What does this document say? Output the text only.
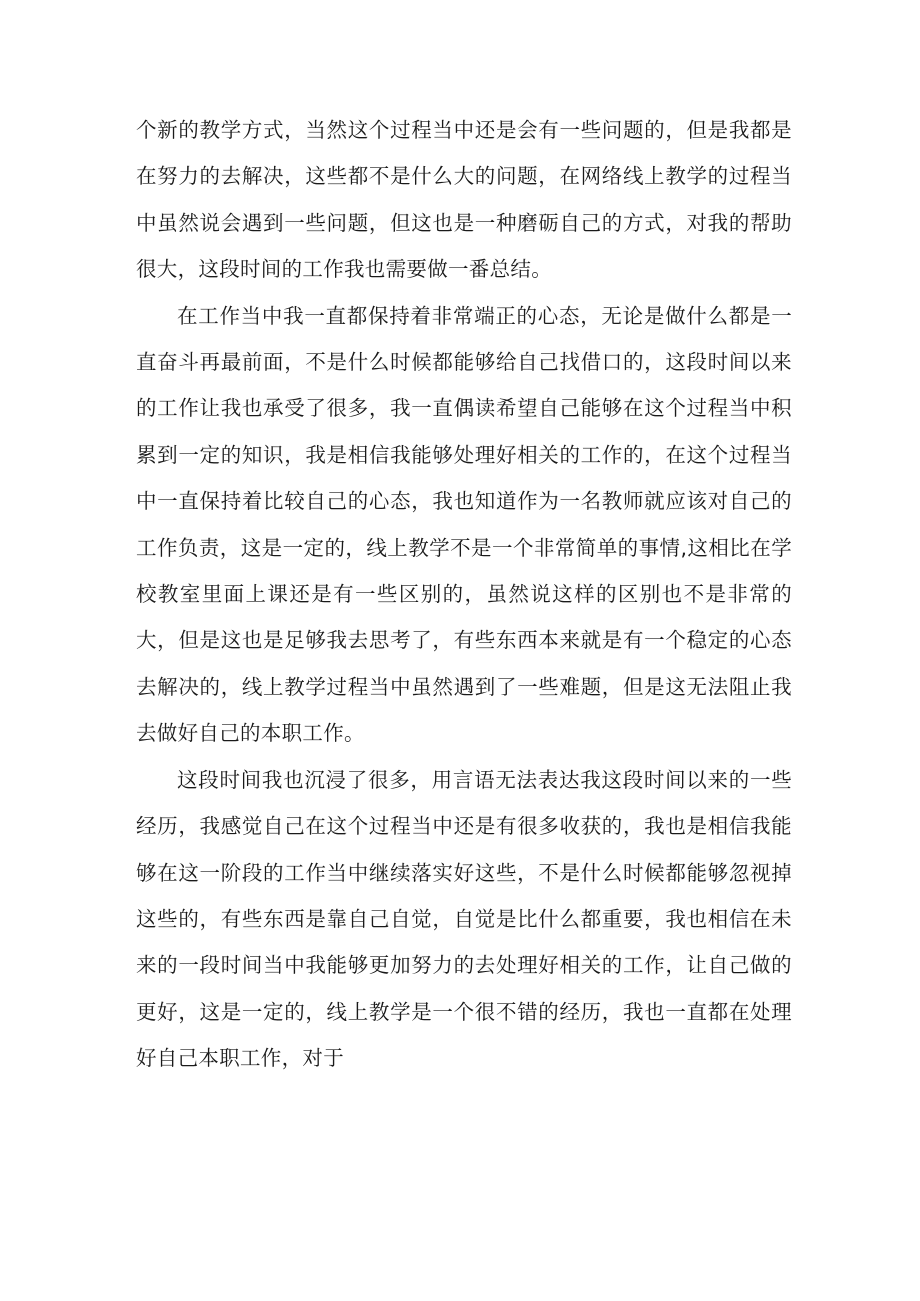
个新的教学方式，当然这个过程当中还是会有一些问题的，但是我都是在努力的去解决，这些都不是什么大的问题，在网络线上教学的过程当中虽然说会遇到一些问题，但这也是一种磨砺自己的方式，对我的帮助很大，这段时间的工作我也需要做一番总结。

在工作当中我一直都保持着非常端正的心态，无论是做什么都是一直奋斗再最前面，不是什么时候都能够给自己找借口的，这段时间以来的工作让我也承受了很多，我一直偶读希望自己能够在这个过程当中积累到一定的知识，我是相信我能够处理好相关的工作的，在这个过程当中一直保持着比较自己的心态，我也知道作为一名教师就应该对自己的工作负责，这是一定的，线上教学不是一个非常简单的事情,这相比在学校教室里面上课还是有一些区别的，虽然说这样的区别也不是非常的大，但是这也是足够我去思考了，有些东西本来就是有一个稳定的心态去解决的，线上教学过程当中虽然遇到了一些难题，但是这无法阻止我去做好自己的本职工作。

这段时间我也沉浸了很多，用言语无法表达我这段时间以来的一些经历，我感觉自己在这个过程当中还是有很多收获的，我也是相信我能够在这一阶段的工作当中继续落实好这些，不是什么时候都能够忽视掉这些的，有些东西是靠自己自觉，自觉是比什么都重要，我也相信在未来的一段时间当中我能够更加努力的去处理好相关的工作，让自己做的更好，这是一定的，线上教学是一个很不错的经历，我也一直都在处理好自己本职工作，对于
